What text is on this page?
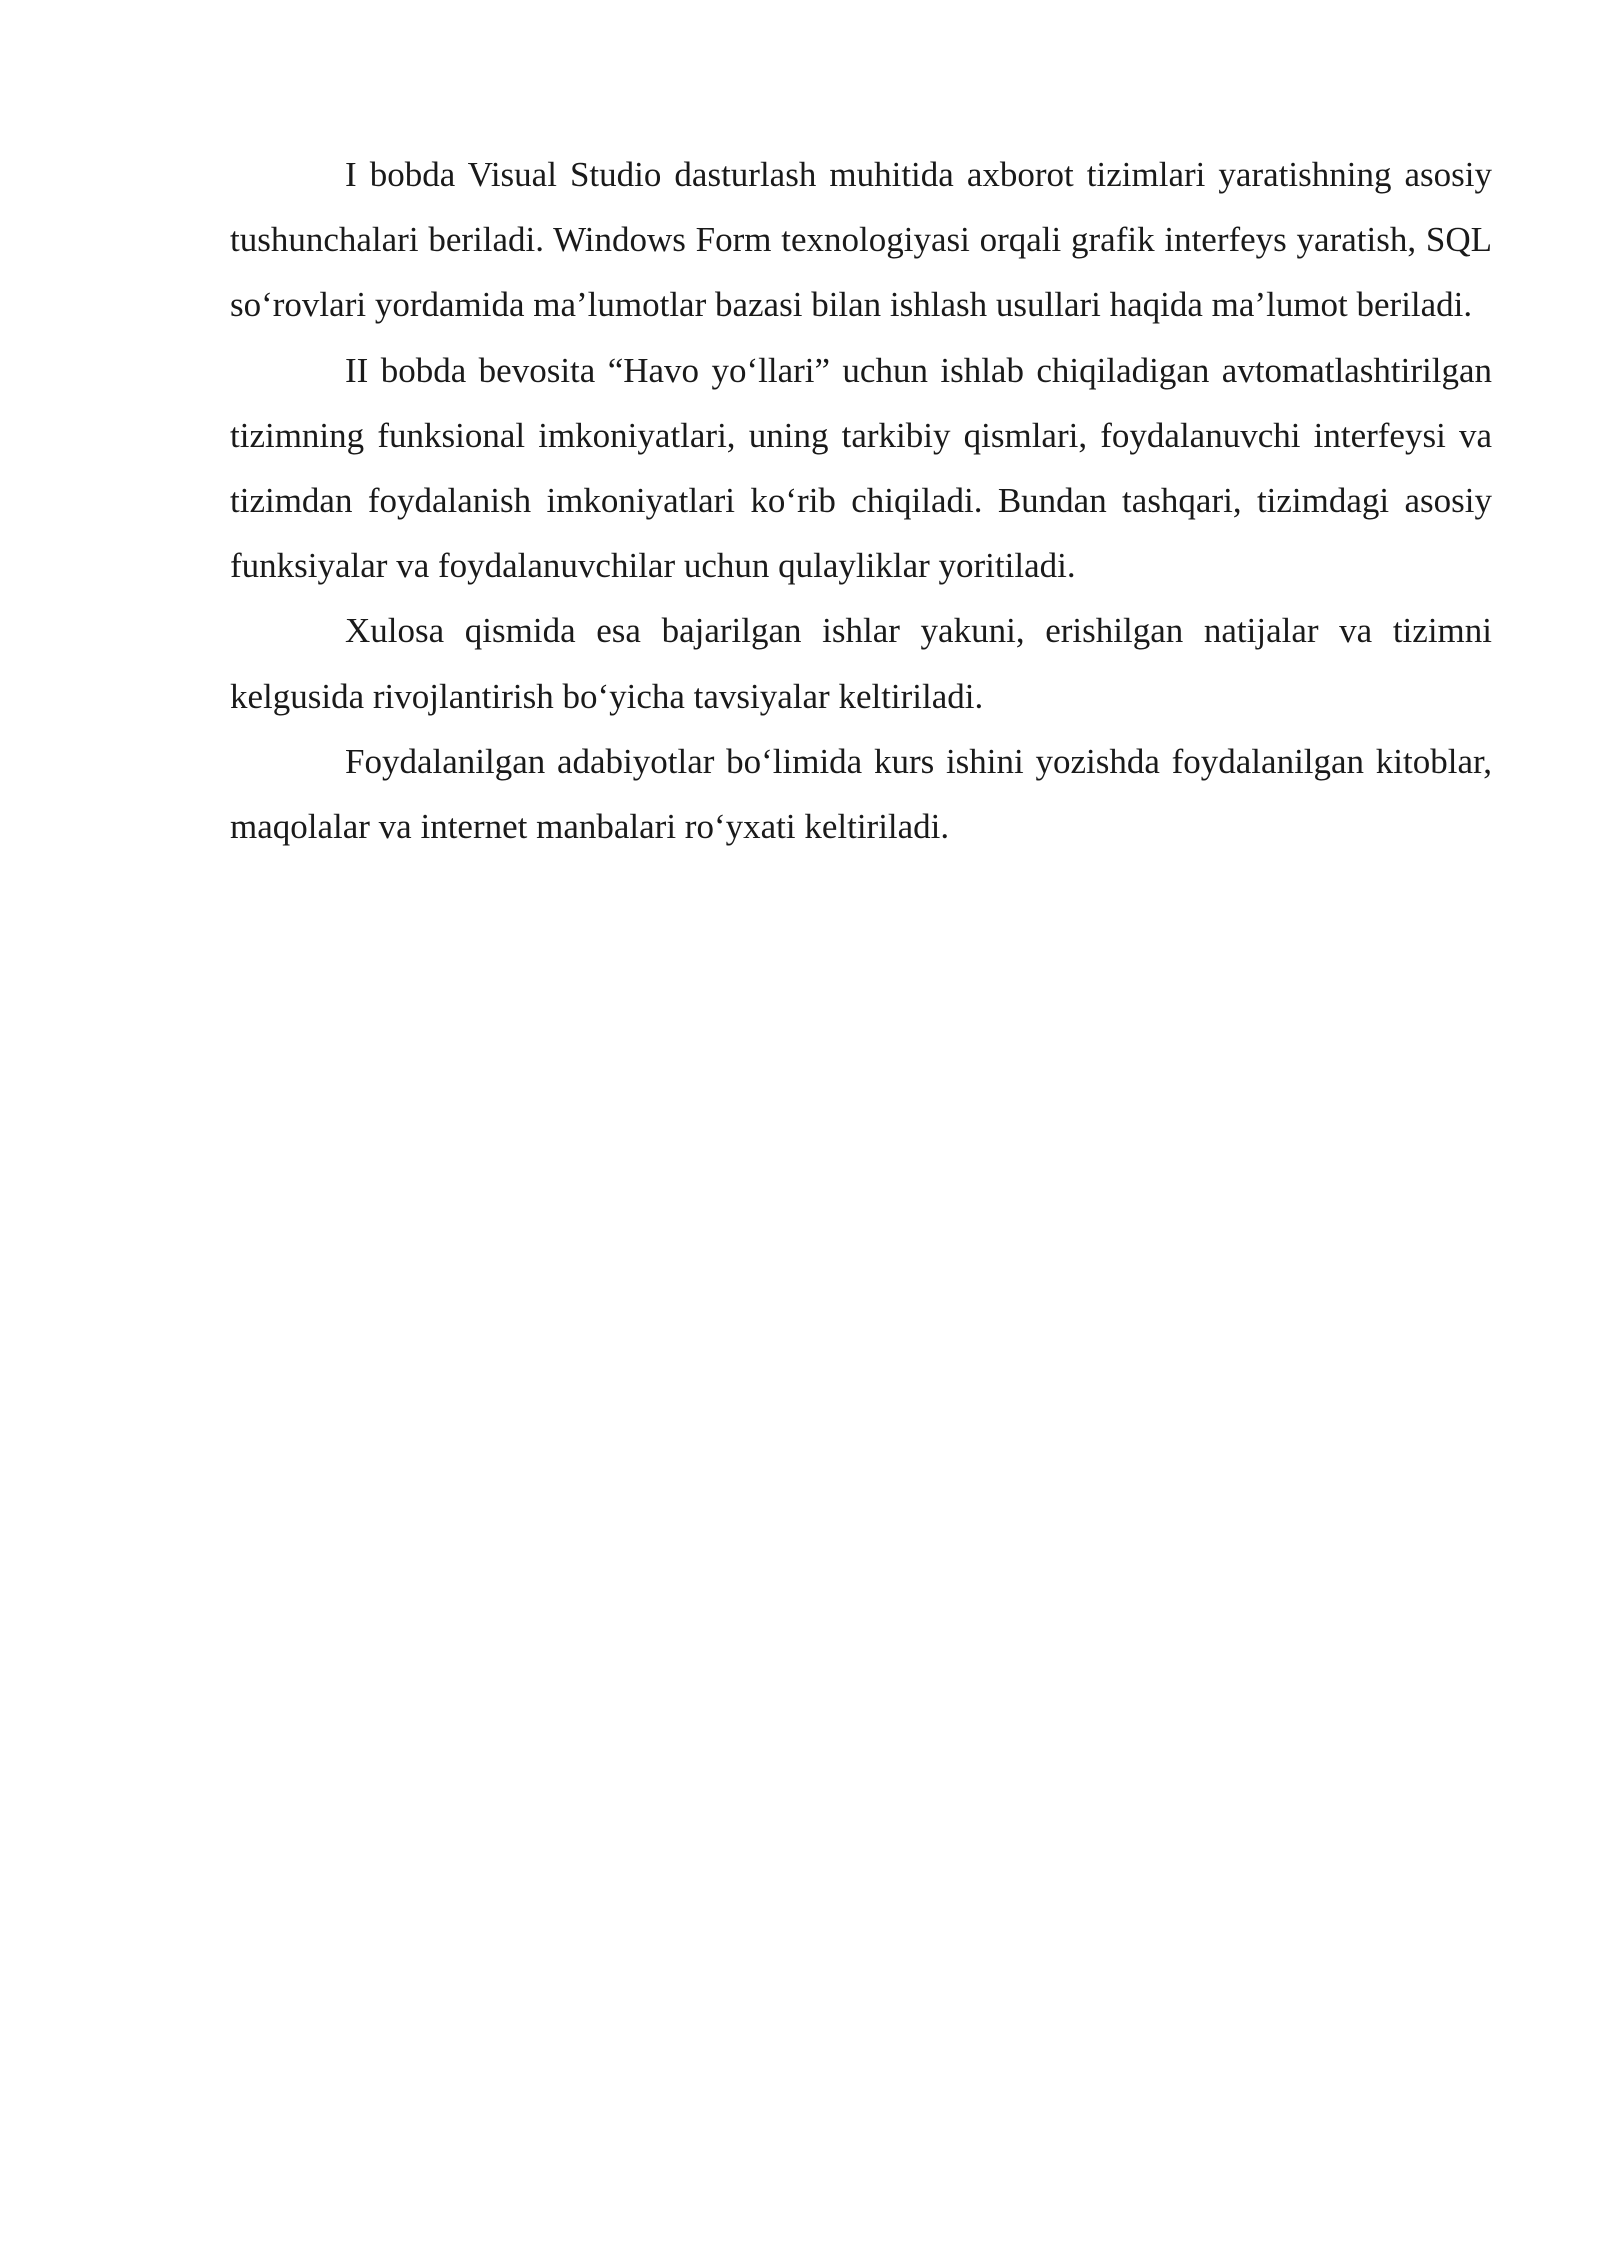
I bobda Visual Studio dasturlash muhitida axborot tizimlari yaratishning asosiy tushunchalari beriladi. Windows Form texnologiyasi orqali grafik interfeys yaratish, SQL so‘rovlari yordamida ma’lumotlar bazasi bilan ishlash usullari haqida ma’lumot beriladi.

II bobda bevosita “Havo yo‘llari” uchun ishlab chiqiladigan avtomatlashtirilgan tizimning funksional imkoniyatlari, uning tarkibiy qismlari, foydalanuvchi interfeysi va tizimdan foydalanish imkoniyatlari ko‘rib chiqiladi. Bundan tashqari, tizimdagi asosiy funksiyalar va foydalanuvchilar uchun qulayliklar yoritiladi.

Xulosa qismida esa bajarilgan ishlar yakuni, erishilgan natijalar va tizimni kelgusida rivojlantirish bo‘yicha tavsiyalar keltiriladi.

Foydalanilgan adabiyotlar bo‘limida kurs ishini yozishda foydalanilgan kitoblar, maqolalar va internet manbalari ro‘yxati keltiriladi.
